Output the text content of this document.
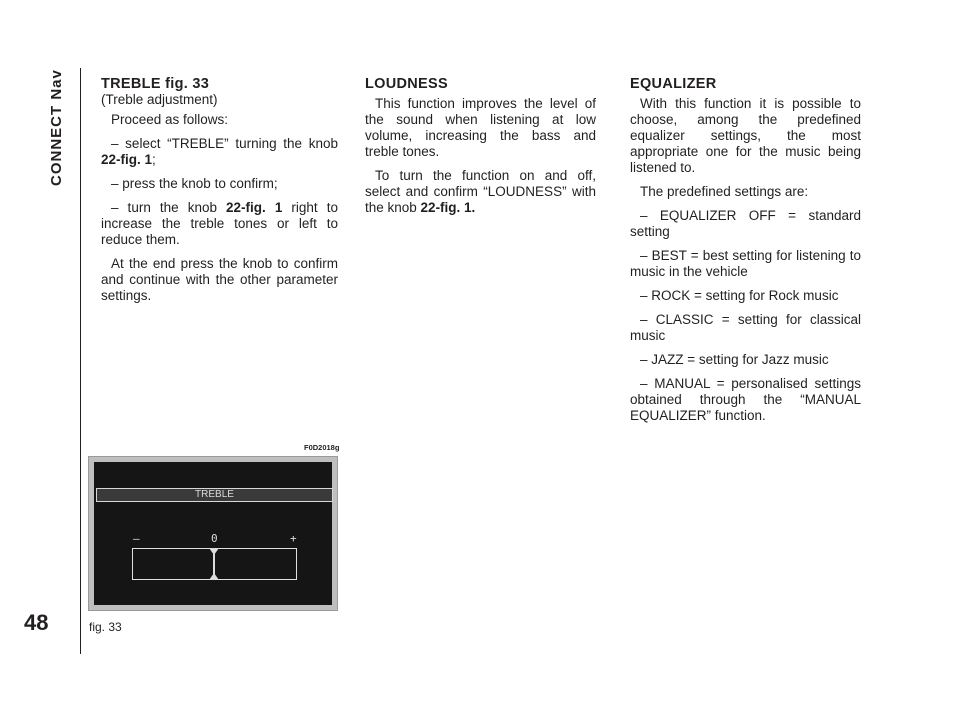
CONNECT Nav
48
TREBLE fig. 33

(Treble adjustment)

Proceed as follows:

– select “TREBLE” turning the knob 22-fig. 1;

– press the knob to confirm;

– turn the knob 22-fig. 1 right to increase the treble tones or left to reduce them.

At the end press the knob to confirm and continue with the other parameter settings.

LOUDNESS

This function improves the level of the sound when listening at low volume, increasing the bass and treble tones.

To turn the function on and off, select and confirm “LOUDNESS” with the knob 22-fig. 1.

EQUALIZER

With this function it is possible to choose, among the predefined equalizer settings, the most appropriate one for the music being listened to.

The predefined settings are:

– EQUALIZER OFF = standard setting

– BEST = best setting for listening to music in the vehicle

– ROCK = setting for Rock music

– CLASSIC = setting for classical music

– JAZZ = setting for Jazz music

– MANUAL = personalised settings obtained through the “MANUAL EQUALIZER” function.

F0D2018g
TREBLE
–	0	+
fig. 33
